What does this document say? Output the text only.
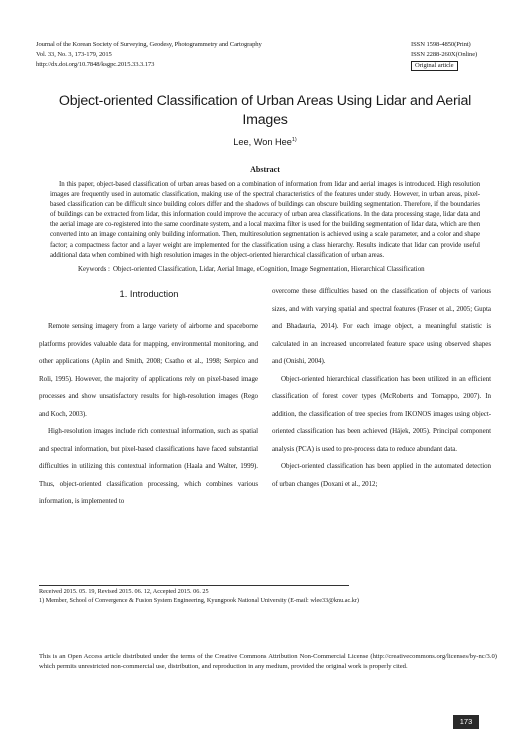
Journal of the Korean Society of Surveying, Geodesy, Photogrammetry and Cartography
Vol. 33, No. 3, 173-179, 2015
http://dx.doi.org/10.7848/ksgpc.2015.33.3.173
ISSN 1598-4850(Print)
ISSN 2288-260X(Online)
Original article
Object-oriented Classification of Urban Areas Using Lidar and Aerial Images
Lee, Won Hee$^{1)}$
Abstract
In this paper, object-based classification of urban areas based on a combination of information from lidar and aerial images is introduced. High resolution images are frequently used in automatic classification, making use of the spectral characteristics of the features under study. However, in urban areas, pixel-based classification can be difficult since building colors differ and the shadows of buildings can obscure building segmentation. Therefore, if the boundaries of buildings can be extracted from lidar, this information could improve the accuracy of urban area classifications. In the data processing stage, lidar data and the aerial image are co-registered into the same coordinate system, and a local maxima filter is used for the building segmentation of lidar data, which are then converted into an image containing only building information. Then, multiresolution segmentation is achieved using a scale parameter, and a color and shape factor; a compactness factor and a layer weight are implemented for the classification using a class hierarchy. Results indicate that lidar can provide useful additional data when combined with high resolution images in the object-oriented hierarchical classification of urban areas.
Keywords : Object-oriented Classification, Lidar, Aerial Image, eCognition, Image Segmentation, Hierarchical Classification
1. Introduction

Remote sensing imagery from a large variety of airborne and spaceborne platforms provides valuable data for mapping, environmental monitoring, and other applications (Aplin and Smith, 2008; Csatho et al., 1998; Serpico and Roli, 1995). However, the majority of applications rely on pixel-based image processes and show unsatisfactory results for high-resolution images (Rego and Koch, 2003).

High-resolution images include rich contextual information, such as spatial and spectral information, but pixel-based classifications have faced substantial difficulties in utilizing this contextual information (Haala and Walter, 1999). Thus, object-oriented classification processing, which combines various information, is implemented to

overcome these difficulties based on the classification of objects of various sizes, and with varying spatial and spectral features (Fraser et al., 2005; Gupta and Bhadauria, 2014). For each image object, a meaningful statistic is calculated in an increased uncorrelated feature space using observed shapes and (Onishi, 2004).

Object-oriented hierarchical classification has been utilized in an efficient classification of forest cover types (McRoberts and Tomappo, 2007). In addition, the classification of tree species from IKONOS images using object-oriented classification has been achieved (Hájek, 2005). Principal component analysis (PCA) is used to pre-process data to reduce abundant data.

Object-oriented classification has been applied in the automated detection of urban changes (Doxani et al., 2012;

Received 2015. 05. 19, Revised 2015. 06. 12, Accepted 2015. 06. 25
1) Member, School of Convergence & Fusion System Engineering, Kyungpook National University (E-mail: wlee33@knu.ac.kr)
This is an Open Access article distributed under the terms of the Creative Commons Attribution Non-Commercial License (http://creativecommons.org/licenses/by-nc/3.0) which permits unrestricted non-commercial use, distribution, and reproduction in any medium, provided the original work is properly cited.
173
